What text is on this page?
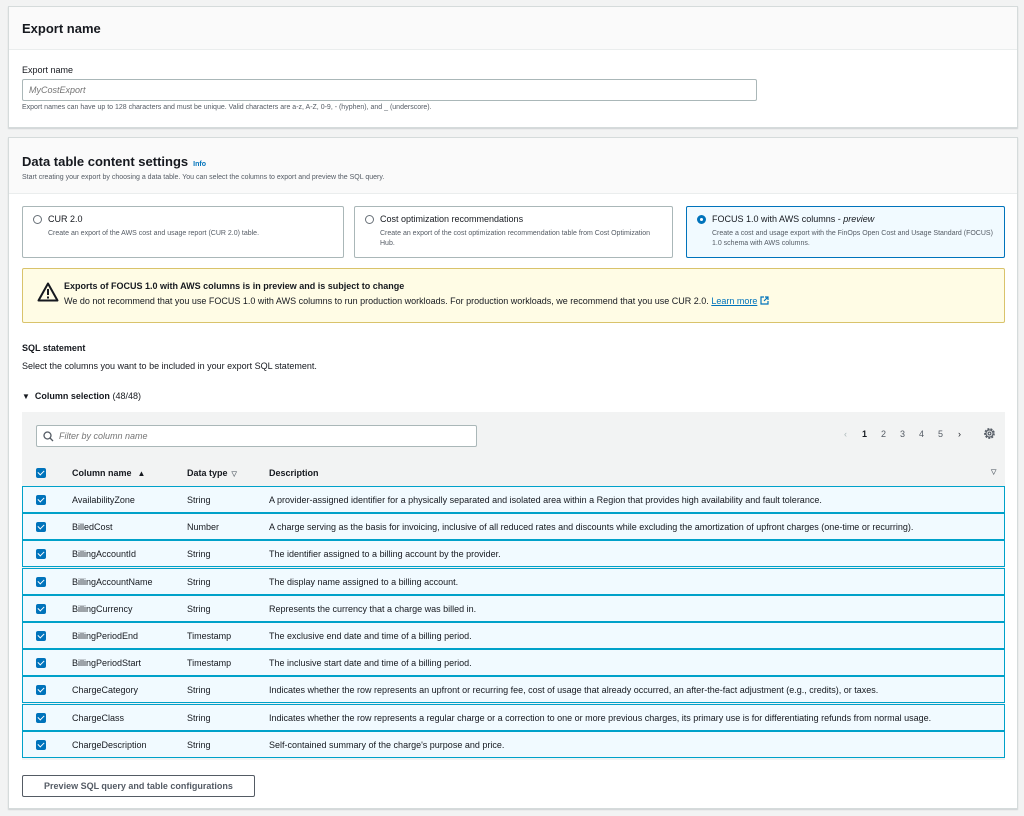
Export name
Export name
MyCostExport
Export names can have up to 128 characters and must be unique. Valid characters are a-z, A-Z, 0-9, - (hyphen), and _ (underscore).
Data table content settings Info
Start creating your export by choosing a data table. You can select the columns to export and preview the SQL query.
CUR 2.0
Create an export of the AWS cost and usage report (CUR 2.0) table.
Cost optimization recommendations
Create an export of the cost optimization recommendation table from Cost Optimization Hub.
FOCUS 1.0 with AWS columns - preview
Create a cost and usage export with the FinOps Open Cost and Usage Standard (FOCUS) 1.0 schema with AWS columns.
Exports of FOCUS 1.0 with AWS columns is in preview and is subject to change
We do not recommend that you use FOCUS 1.0 with AWS columns to run production workloads. For production workloads, we recommend that you use CUR 2.0. Learn more
SQL statement
Select the columns you want to be included in your export SQL statement.
▼ Column selection (48/48)
Filter by column name
‹	1	2	3	4	5	›
Column name ▲	Data type ▽	Description	▽
AvailabilityZone	String	A provider-assigned identifier for a physically separated and isolated area within a Region that provides high availability and fault tolerance.
BilledCost	Number	A charge serving as the basis for invoicing, inclusive of all reduced rates and discounts while excluding the amortization of upfront charges (one-time or recurring).
BillingAccountId	String	The identifier assigned to a billing account by the provider.
BillingAccountName	String	The display name assigned to a billing account.
BillingCurrency	String	Represents the currency that a charge was billed in.
BillingPeriodEnd	Timestamp	The exclusive end date and time of a billing period.
BillingPeriodStart	Timestamp	The inclusive start date and time of a billing period.
ChargeCategory	String	Indicates whether the row represents an upfront or recurring fee, cost of usage that already occurred, an after-the-fact adjustment (e.g., credits), or taxes.
ChargeClass	String	Indicates whether the row represents a regular charge or a correction to one or more previous charges, its primary use is for differentiating refunds from normal usage.
ChargeDescription	String	Self-contained summary of the charge's purpose and price.
Preview SQL query and table configurations
